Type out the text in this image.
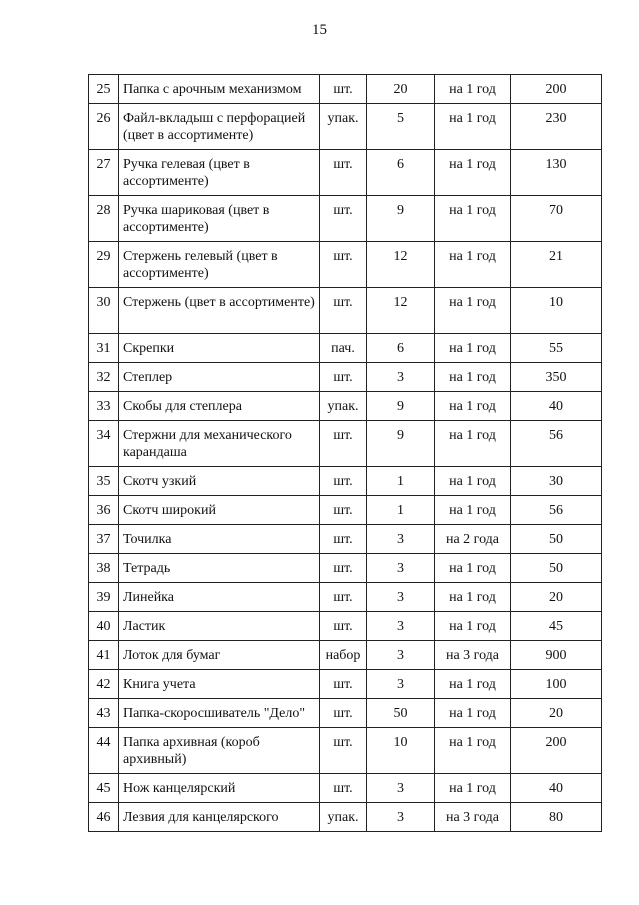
15
25	Папка с арочным механизмом	шт.	20	на 1 год	200
26	Файл-вкладыш с перфорацией (цвет в ассортименте)	упак.	5	на 1 год	230
27	Ручка гелевая (цвет в ассортименте)	шт.	6	на 1 год	130
28	Ручка шариковая (цвет в ассортименте)	шт.	9	на 1 год	70
29	Стержень гелевый (цвет в ассортименте)	шт.	12	на 1 год	21
30	Стержень (цвет в ассортименте)	шт.	12	на 1 год	10
31	Скрепки	пач.	6	на 1 год	55
32	Степлер	шт.	3	на 1 год	350
33	Скобы для степлера	упак.	9	на 1 год	40
34	Стержни для механического карандаша	шт.	9	на 1 год	56
35	Скотч узкий	шт.	1	на 1 год	30
36	Скотч широкий	шт.	1	на 1 год	56
37	Точилка	шт.	3	на 2 года	50
38	Тетрадь	шт.	3	на 1 год	50
39	Линейка	шт.	3	на 1 год	20
40	Ластик	шт.	3	на 1 год	45
41	Лоток для бумаг	набор	3	на 3 года	900
42	Книга учета	шт.	3	на 1 год	100
43	Папка-скоросшиватель "Дело"	шт.	50	на 1 год	20
44	Папка архивная (короб архивный)	шт.	10	на 1 год	200
45	Нож канцелярский	шт.	3	на 1 год	40
46	Лезвия для канцелярского	упак.	3	на 3 года	80
